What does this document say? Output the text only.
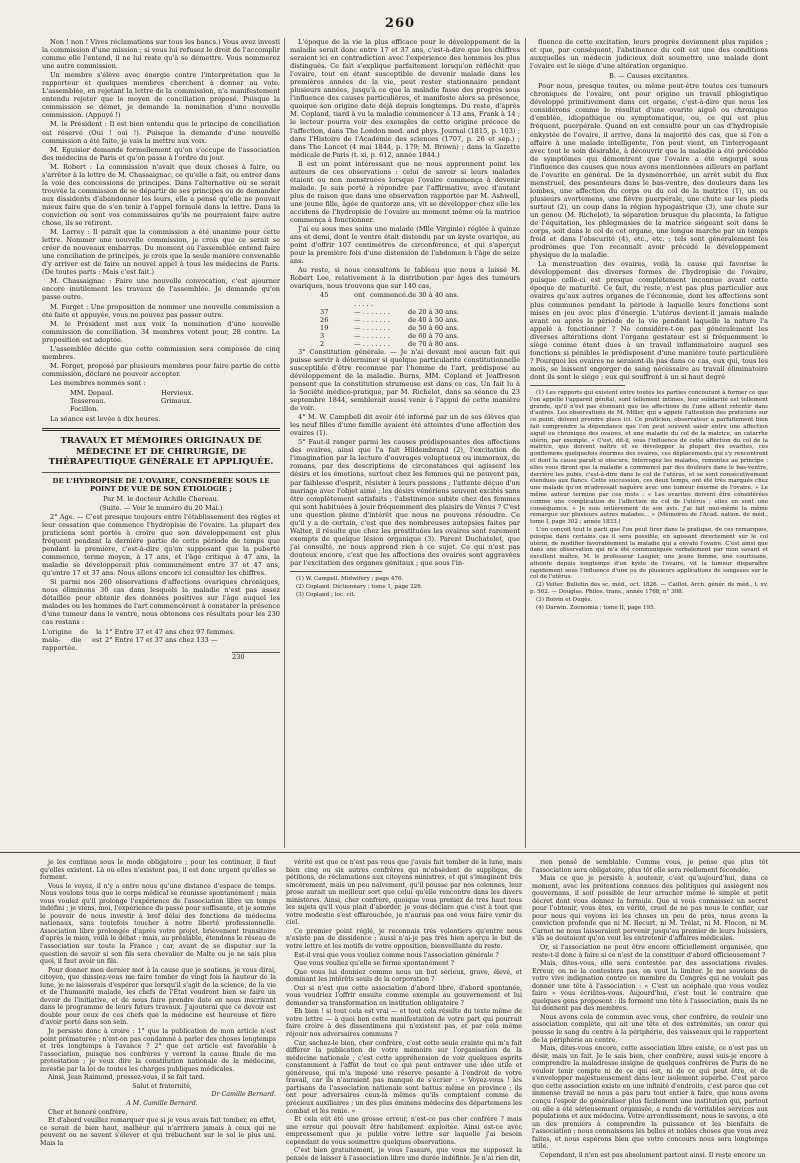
260

Non ! non ! Vives réclamations sur tous les bancs.) Vous avez investi la commission d'une mission ; si vous lui refusez le droit de l'accomplir comme elle l'entend, il ne lui reste qu'à se démettre. Vous nommerez une autre commission.

Un membre s'élève avec énergie contre l'interprétation que le rapporteur et quelques membres cherchent à donner au vote. L'assemblée, en rejetant la lettre de la commission, n'a manifestement entendu rejeter que le moyen de conciliation proposé. Puisque la commission se démet, je demande la nomination d'une nouvelle commission. (Appuyé !)

M. le Président : Il est bien entendu que le principe de conciliation est réservé (Oui ! oui !). Puisque la demande d'une nouvelle commission a été faite, je vais la mettre aux voix.

M. Eguisier demande formellement qu'on s'occupe de l'association des médecins de Paris et qu'on passe à l'ordre du jour.

M. Robert : La commission n'avait que deux choses à faire, ou s'arrêter à la lettre de M. Chassaignac, ce qu'elle a fait, ou entrer dans la voie des concessions de principes. Dans l'alternative où se serait trouvée la commission de se départir de ses principes ou de demander aux dissidents d'abandonner les leurs, elle a pensé qu'elle ne pouvait mieux faire que de s'en tenir à l'appel formulé dans la lettre. Dans la conviction où sont vos commissaires qu'ils ne pourraient faire autre chose, ils se retirent.

M. Larrey : Il paraît que la commission a été unanime pour cette lettre. Nommer une nouvelle commission, je crois que ce serait se créer de nouveaux embarras. Du moment où l'assemblée entend faire une conciliation de principes, je crois que la seule manière convenable d'y arriver est de faire un nouvel appel à tous les médecins de Paris. (De toutes parts : Mais c'est fait.)

M. Chassaignac : Faire une nouvelle convocation, c'est ajourner encore inutilement les travaux de l'assemblée. Je demande qu'on passe outre.

M. Forget : Une proposition de nommer une nouvelle commission a été faite et appuyée, vous ne pouvez pas passer outre.

M. le Président met aux voix la nomination d'une nouvelle commission de conciliation. 34 membres votent pour, 28 contre. La proposition est adoptée.

L'assemblée décide que cette commission sera composée de cinq membres.

M. Forget, proposé par plusieurs membres pour faire partie de cette commission, déclare ne pouvoir accepter.

Les membres nommés sont :

MM. Depaul.	Hervieux.
Tessereau.	Grimaux.
Focillon.

La séance est levée à dix heures.

TRAVAUX ET MÉMOIRES ORIGINAUX DE MÉDECINE ET DE CHIRURGIE, DE THÉRAPEUTIQUE GÉNÉRALE ET APPLIQUÉE.
DE L'HYDROPISIE DE L'OVAIRE, CONSIDÉRÉE SOUS LE POINT DE VUE DE SON ÉTIOLOGIE ;
Par M. le docteur Achille Chereau.
(Suite. — Voir le numéro du 20 Mai.)

2° Age. — C'est presque toujours entre l'établissement des règles et leur cessation que commence l'hydropisie de l'ovaire. La plupart des praticiens sont portés à croire que son développement est plus fréquent pendant la dernière partie de cette période de temps que pendant la première, c'est-à-dire qu'en supposant que la puberté commence, terme moyen, à 17 ans, et l'âge critique à 47 ans, la maladie se développerait plus communément entre 37 et 47 ans, qu'entre 17 et 37 ans. Nous allons encore ici consulter les chiffres.

Si parmi nos 260 observations d'affections ovariques chroniques, nous éliminons 30 cas dans lesquels la maladie n'est pas assez détaillée pour obtenir des données positives sur l'âge auquel les malades ou les hommes de l'art commencèrent à constater la présence d'une tumeur dans le ventre, nous obtenons ces résultats pour les 230 cas restans :

L'origine de la mala- die est rapportée.
1° Entre 37 et 47 ans chez 97 femmes.
2° Entre 17 et 37 ans chez 133 —
230

L'époque de la vie la plus efficace pour le développement de la maladie serait donc entre 17 et 37 ans, c'est-à-dire que les chiffres seraient ici en contradiction avec l'expérience des hommes les plus distingués. Ce fait s'explique parfaitement lorsqu'on réfléchit que l'ovaire, tout en étant susceptible de devenir malade dans les premières années de la vie, peut rester stationnaire pendant plusieurs années, jusqu'à ce que la maladie fasse des progrès sous l'influence des causes particulières, et manifeste alors sa présence, quoique son origine date déjà depuis longtemps. Du reste, d'après M. Copland, tiard à vu la maladie commencer à 13 ans, Frank à 14 ; le lecteur pourra voir des exemples de cette origine précoce de l'affection, dans The London med. and phys. Journal (1815, p. 103) ; dans l'Histoire de l'Académie des sciences (1707, p. 26 et sep.) ; dans The Lancet (4 mai 1844, p. 179; M. Brown) ; dans la Gazette médicale de Paris (t. xi, p. 612, année 1844.)

Il est un point intéressant que ne nous apprennent point les auteurs de ces observations : celui de savoir si leurs malades étaient ou non menstruées lorsque l'ovaire commença à devenir malade. Je suis porté à répondre par l'affirmative, avec d'autant plus de raison que dans une observation rapportée par M. Ashwell, une jeune fille, âgée de quatorze ans, vit se développer chez elle les accidens de l'hydropisie de l'ovaire au moment même où la matrice commença à fonctionner.

J'ai eu sous mes soins une malade (Mlle Virginie) réglée à quinze ans et demi, dont le ventre était distendu par un kyste ovarique, au point d'offrir 107 centimètres de circonférence, et qui s'aperçut pour la première fois d'une distension de l'abdomen à l'âge de seize ans.

Au reste, si nous consultons le tableau que nous a laissé M. Robert Lee, relativement à la distribution par âges des tumeurs ovariques, nous trouvons que sur 140 cas,

45	ont commencé. . . . . .
de 30 à 40 ans.
37	— . . . . . . .	de 20 à 30 ans.
26	— . . . . . . .	de 40 à 50 ans.
19	— . . . . . . .	de 50 à 60 ans.
3	— . . . . . . .	de 60 à 70 ans.
2	— . . . . . . .	de 70 à 80 ans.

3° Constitution générale. — Je n'ai devant moi aucun fait qui puisse servir à déterminer si quelque particularité constitutionnelle susceptible d'être reconnue par l'homme de l'art, prédispose au développement de la maladie. Burns, MM. Copland et Jeaffreson pensent que la constitution strumeuse est dans ce cas. Un fait lu à la Société médico-pratique, par M. Richelot, dans sa séance du 23 septembre 1844, semblerait aussi venir à l'appui de cette manière de voir.

4° M. W. Campbell dit avoir été informé par un de ses élèves que les neuf filles d'une famille avaient été atteintes d'une affection des ovaires (1).

5° Faut-il ranger parmi les causes prédisposantes des affections des ovaires, ainsi que l'a fait Hildembrand (2), l'excitation de l'imagination par la lecture d'ouvrages voluptueux ou immoraux, de romans, par des descriptions de circonstances qui agissent les désirs et les émotions, surtout chez les femmes qui ne peuvent pas, par faiblesse d'esprit, résister à leurs passions ; l'attente déçue d'un mariage avec l'objet aimé ; les désirs vénériens souvent excités sans être complètement satisfaits ; l'abstinence subite chez des femmes qui sont habituées à jouir fréquemment des plaisirs de Vénus ? C'est une question pleine d'intérêt que nous ne pouvons résoudre. Ce qu'il y a de certain, c'est que des nombreuses autopsies faites par Walter, il résulte que chez les prostituées les ovaires sont rarement exempts de quelque lésion organique (3). Parent Duchatelet, que j'ai consulté, ne nous apprend rien à ce sujet. Ce qui n'est pas douteux encore, c'est que les affections des ovaires sont aggravées par l'excitation des organes génitaux ; que sous l'in-

(1) W. Campell. Midwifery ; page 476.
(2) Copland. Dictionnary ; tome 1, page 226.
(3) Copland ; loc. cit.

fluence de cette excitation, leurs progrès deviennent plus rapides ; et que, par conséquent, l'abstinence du coït est une des conditions auxquelles un médecin judicieux doit soumettre une malade dont l'ovaire est le siège d'une altération organique.

B. — Causes excitantes.

Pour nous, presque toutes, ou même peut-être toutes ces tumeurs chroniques de l'ovaire, ont pour origine un travail phlogistique développé primitivement dans cet organe, c'est-à-dire que nous les considérons comme le résultat d'une ovarite aiguë ou chronique d'emblée, idiopathique ou symptomatique, ou, ce qui est plus fréquent, puerpérale. Quand on est consulté pour un cas d'hydropisie enkystée de l'ovaire, il arrive, dans la majorité des cas, que si l'on a affaire à une malade intelligente, l'on peut vient, en l'interrogeant avec tout le soin désirable, à découvrir que la maladie a été précédée de symptômes qui démontrent que l'ovaire a été engorgé sous l'influence des causes que nous avons mentionnées ailleurs en parlant de l'ovarite en général. De la dysménorrhée, un arrêt subit du flux menstruel, des pesanteurs dans le bas-ventre, des douleurs dans les lombes, une affection du corps ou du col de la matrice (1), un ou plusieurs avortemens, une fièvre puerpérale, une chute sur les pieds surtout (2), un coup dans la région hypogastrique (3), une chute sur un genou (M. Richelot), la séparation brusque du placenta, la fatigue de l'équitation, les phlegmasies de la matrice siégeant soit dans le corps, soit dans le col de cet organe, une longue marche par un temps froid et dans l'obscurité (4), etc., etc. ; tels sont généralement les prodrômes que l'on reconnaît avoir précédé le développement physique de la maladie.

La menstruation des ovaires, voilà la cause qui favorise le développement des diverses formes de l'hydropisie de l'ovaire, puisque celle-ci est presque complètement inconnue avant cette époque de maturité. Ce fait, du reste, n'est pas plus particulier aux ovaires qu'aux autres organes de l'économie, dont les affections sont plus communes pendant la période à laquelle leurs fonctions sont mises en jeu avec plus d'énergie. L'utérus devient-il jamais malade avant ou après la période de la vie pendant laquelle la nature l'a appelé à fonctionner ? Ne considère-t-on pas généralement les diverses altérations dont l'organe gestateur est si fréquemment le siège comme étant dues à un travail inflammatoire auquel ses fonctions si pénibles le prédisposent d'une manière toute particulière ? Pourquoi les ovaires ne seraient-ils pas dans ce cas, eux qui, tous les mois, se laissent engorger de sang nécessaire au travail éliminatoire dont ils sont le siège ; eux qui souffrent à un si haut degré

(1) Les rapports qui existent entre toutes les parties concourant à former ce que l'on appelle l'appareil génital, sont tellement intimes, leur solidarité est tellement grande, qu'il n'est pas étonnant que les affections de l'une aillent retentir dans d'autres. Les observations de M. Miller, qui a appelé l'attention des praticiens sur ce point, doivent prendre place ici. Ce praticien, observateur a parfaitement bien fait comprendre la dépendance que l'on peut souvent saisir entre une affection aiguë ou chronique des ovaires, et une maladie du col de la matrice, un catarrhe utérin, par exemple. « C'est, dit-il, sous l'influence de cette affection du col de la matrice, que doivent naître et se développer la plupart des ovarites, ces gonflemens quelquefois énormes des ovaires, ces déplacements qui s'y rencontrent et dont la cause paraît si obscure. Interrogez les malades, remontez au principe : elles vous diront que la maladie a commencé par des douleurs dans le bas-ventre, derrière les pubis, c'est-à-dire dans le col de l'utérus, et se sont consécutivement étendues aux flancs. Cette succession, ces deux temps, ont été très marqués chez une malade qu'on m'adressait naguère avec une tumeur énorme de l'ovaire. » Le même auteur termine par ces mots : « Les ovarites doivent être considérées comme une complication de l'affection du col de l'utérus ; elles en sont une conséquence. » Je suis entièrement de son avis. J'ai fait moi-même la même remarque sur plusieurs autres malades... » (Mémoires de l'Acad. nation. de méd., tome I, page 302 ; année 1833.)
L'on conçoit tout le parti que l'on peut tirer dans la pratique, de ces remarques, puisque dans certains cas il sera possible, en agissant directement sur le col utérin, de modifier favorablement la maladie qui a envahi l'ovaire. C'est ainsi que dans une observation qui m'a été communiquée verbalement par mon savant et excellent maître, M. le professeur Laugier, une jeune femme, une courtisane, atteinte depuis longtemps d'un kyste de l'ovaire, vit la tumeur disparaître rapidement sous l'influence d'une ou de plusieurs applications de sangsues sur le col de l'utérus.
(2) Velter. Bulletin des sc. méd., oct. 1826. — Caillot. Arch. génér. de méd., t. xv, p. 562. — Douglas. Philos. trans., année 1768, n° 308.
(3) Boivin et Dugès.
(4) Darwin. Zoonomia ; tome II, page 195.

je les continue sous le mode obligatoire ; pour les continuer, il faut qu'elles existent. Là où elles n'existent pas, il est donc urgent qu'elles se forment.

Vous le voyez, il n'y a entre nous qu'une distance d'espace de temps. Nous voulons tous que le corps médical se réunisse spontanément ; mais vous voulez qu'il prolonge l'expérience de l'association libre un temps indéfini ; je viens, moi, l'expérience du passé pour suffisante, et je somme le pouvoir de nous investir à bref délai des fonctions de médecins nationaux, sans toutefois toucher à notre liberté professionnelle. Association libre prolongée d'après votre projet, brièvement transitoire d'après le mien, voilà le débat : mais, au préalable, étendons le réseau de l'association sur toute la France ; car, avant de se disputer sur la question de savoir si son fils sera chevalier de Malte ou je ne sais plus quoi, il faut avoir un fils.

Pour donner mon dernier mot à la cause que je soutiens, je vous dirai, citoyen, que dussiez-vous me faire tomber de vingt fois la hauteur de la lune, je ne laisserais d'espérer que lorsqu'il s'agit de la science, de la vie et de l'humanité malade, les chefs de l'État voudront bien se faire un devoir de l'initiative, et de nous faire prendre date en nous inscrivant dans le programme de leurs futurs travaux. J'ajouterai que ce devoir est double pour ceux de ces chefs que la médecine est heureuse et fière d'avoir porté dans son sein.

Je persiste donc à croire : 1° que la publication de mon article n'est point prématurée ; n'est-on pas condamné à parler des choses longtemps et très longtemps à l'avance ? 2° que cet article est favorable à l'association, puisque nos confrères y verront la cause finale de ma protestation ; je veux dire la constitution nationale de la médecine, investie par la loi de toutes les charges publiques médicales.

Ainsi, Jean Raimond, pressez-vous, il se fait tard.

Salut et fraternité,

Dr Camille Bernard.

A M. Camille Bernard.

Cher et honoré confrère,

Et d'abord veuillez remarquer que si je vous avais fait tomber, en effet, ce serait de bien haut, malheur qui n'arrivera jamais à ceux qui ne peuvent ou ne savent s'élever et qui trébuchent sur le sol le plus uni. Mais la

vérité est que ce n'est pas vous que j'avais fait tomber de la lune, mais bien cinq ou six autres confrères qui m'obsèdent de supplique, de pétitions, de réclamations aux citoyens ministres, et qui s'imaginent très sincèrement, mais un peu naïvement, qu'il pousse par nos colonnes, leur prose aurait un meilleur sort que celui qu'elle rencontre dans les divers ministères. Ainsi, cher confrère, quoique vous preniez de très haut tous les sujets qu'il vous plait d'aborder, je vous déclare que c'est à tout que votre modestie s'est effarouchée, je n'aurais pas osé vous faire venir du ciel.

Ce premier point réglé, je reconnais très volontiers qu'entre nous n'existe pas de dissidence ; aussi n'ai-je pas très bien aperçu le but de votre lettre et les motifs de votre opposition, bienveillante du reste.

Est-il vrai que vous vouliez comme nous l'association générale ?

Que vous vouliez qu'elle se forme spontanément ?

Que vous lui donniez comme nous un but sérieux, grave, élevé, et dominant les intérêts seuls de la corporation ?

Oui si n'est que cette association d'abord libre, d'abord spontanée, vous voudriez l'offrir ensuite comme exemple au gouvernement et lui demander sa transformation en institution obligatoire ?

Eh bien ! si tout cela est vrai — et tout cela résulte du texte même de votre lettre — à quoi bon cette manifestation de votre part qui pourrait faire croire à des dissentimens qui n'existent pas, et par cela même réjouir nos adversaires communs ?

Car, sachez-le bien, cher confrère, c'est cette seule crainte qui m'a fait différer la publication de votre mémoire sur l'organisation de la médecine nationale ; c'est cette appréhension de voir quelques esprits constamment à l'affût de tout ce qui peut entraver une idée utile et généreuse, qui m'a imposé une réserve pesante à l'endroit de votre travail, car ils n'auraient pas manqué de s'écrier : « Voyez-vous ! les partisans de l'association nationale sont battus même en province ; ils ont pour adversaires ceux-là mêmes qu'ils comptaient comme de précieux auxiliaires ; un des plus éminens médecins des départemens les combat et les renie. »

Et cela eût été une grosse erreur, n'est-ce pas cher confrère ? mais une erreur qui pouvait être habilement exploitée. Ainsi est-ce avec empressement que je publie votre lettre sur laquelle j'ai besoin cependant de vous soumettre quelques observations.

C'est bien gratuitement, je vous l'assure, que vous me supposez la pensée de laisser à l'association libre une durée indéfinie. Je n'ai rien dit,

rien pensé de semblable. Comme vous, je pense que plus tôt l'association sera obligatoire, plus tôt elle sera réellement fécondée.

Mais ce que je persiste à soutenir, c'est qu'aujourd'hui, dans ce moment, avec les prétentions connues des politiques qui assiègent nos gouvernans, il soit possible de leur arracher même le simple et petit décret dont vous donnez la formule. Que si vous connaissez un secret pour l'obtenir, vous êtes, en vérité, cruel de ne pas nous le confier, car pour nous qui voyons ici les choses un peu de près, nous avons la conviction profonde que ni M. Recurt, ni M. Trélat, ni M. Flocon, ni M. Carnot ne nous laisseraient pervenir jusqu'au premier de leurs huissiers, s'ils se doutaient qu'on veut les entretenir d'affaires médicales.

Or, si l'association ne peut être encore officiellement organisée, que reste-t-il donc à faire si ce n'est de la constituer d'abord officieusement ?

Mais, dites-vous, elle sera contestée par des associations rivales. Erreur, on ne la contestera pas, on veut la limiter. Je me souviens de votre vive indignation contre ce membre du Congrès qui ne voulait pas donner une tête à l'association : « C'est un acéphale que vous voulez faire » vous écriâtes-vous. Aujourd'hui, c'est tout le contraire que quelques gens proposent : ils forment une tête à l'association, mais ils ne lui donnent pas des membres.

Nous avons cela de commun avec vous, cher confrère, de vouloir une association complète, qui ait une tête et des extrémités, un cœur qui pousse le sang du centre à la périphérie, des vaisseaux qui le rapportent de la périphérie au centre.

Mais, dites-vous encore, cette association libre existe, ce n'est pas un désir, mais un fait. Je le sais bien, cher confrère, aussi suis-je encore à comprendre la maladresse insigne de quelques confrères de Paris de ne vouloir tenir compte ni de ce qui est, ni de ce qui peut être, et de s'envelopper majestueusement dans leur isolement superbe. C'est parce que cette association existe en une infinité d'endroits, c'est parce que cet immense travail ne nous a pas paru tout entier à faire, que nous avons conçu l'espoir de généraliser plus facilement une institution qui, partout où elle a été sérieusement organisée, a rendu de véritables services aux populations et aux médecins. Votre arrondissement, nous le savons, a été un des premiers à comprendre la puissance et les bienfaits de l'association ; nous connaissons les belles et nobles choses que vous avez faites, et nous espérons bien que votre concours nous sera longtemps utile.

Cependant, il n'en est pas absolument partout ainsi. Il reste encore un
